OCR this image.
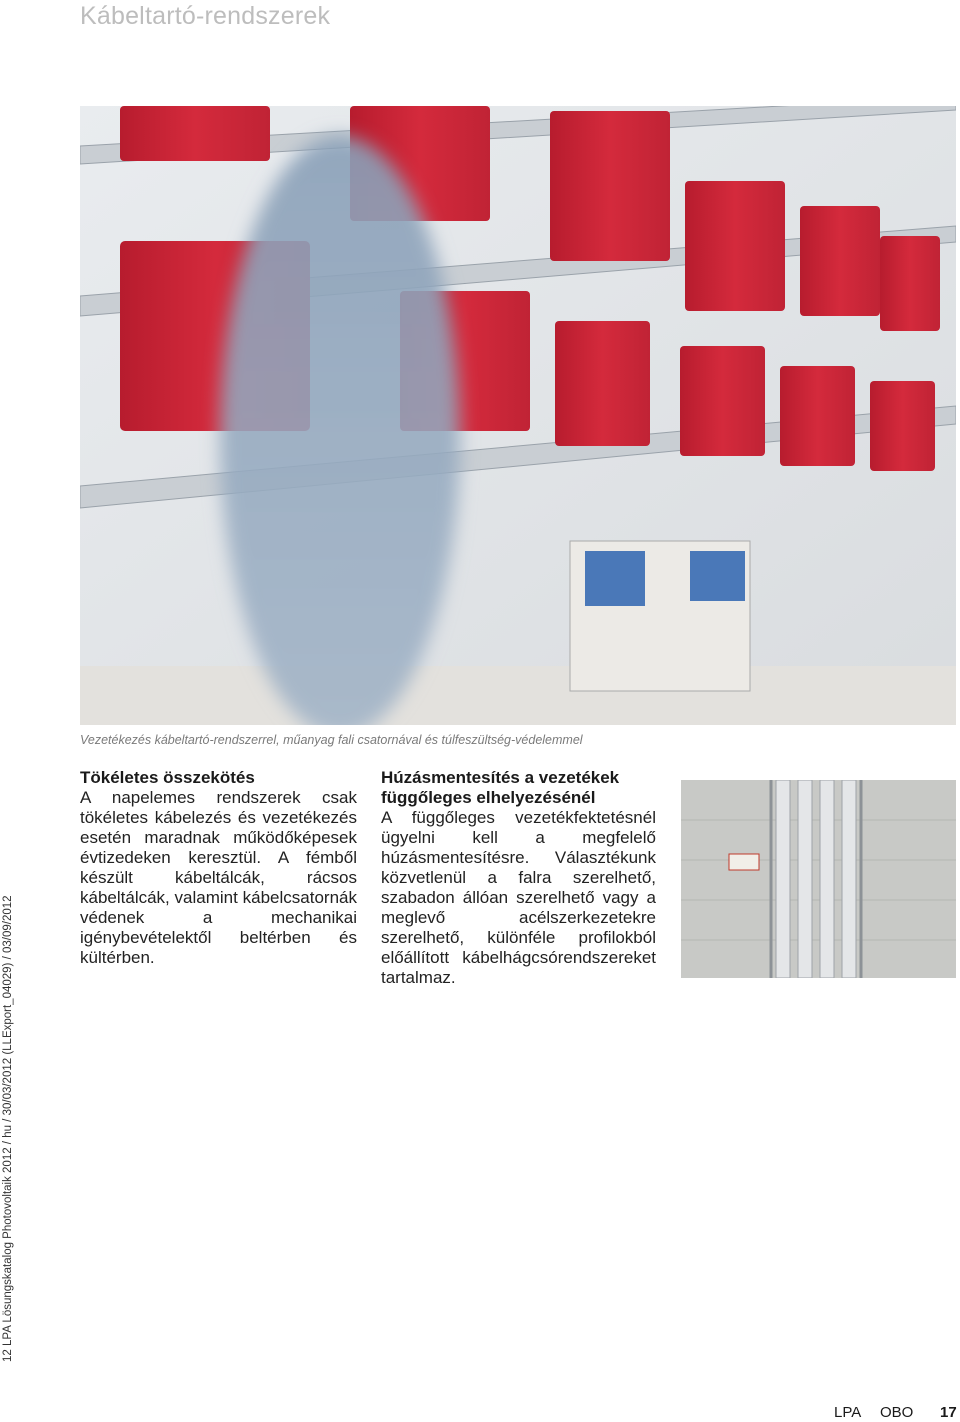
Kábeltartó-rendszerek
Vezetékezés kábeltartó-rendszerrel, műanyag fali csatornával és túlfeszültség-védelemmel
Tökéletes összekötés

A napelemes rendszerek csak tökéletes kábelezés és vezetékezés esetén maradnak működőképesek évtizedeken keresztül. A fémből készült kábeltálcák, rácsos kábeltálcák, valamint kábelcsatornák védenek a mechanikai igénybevételektől beltérben és kültérben.

Húzásmentesítés a vezetékek függőleges elhelyezésénél

A függőleges vezetékfektetésnél ügyelni kell a megfelelő húzásmentesítésre. Választékunk közvetlenül a falra szerelhető, szabadon állóan szerelhető vagy a meglevő acélszerkezetekre szerelhető, különféle profilokból előállított kábelhágcsórendszereket tartalmaz.

12 LPA Lösungskatalog Photovoltaik 2012 / hu / 30/03/2012 (LLExport_04029) / 03/09/2012
LPA OBO 17
